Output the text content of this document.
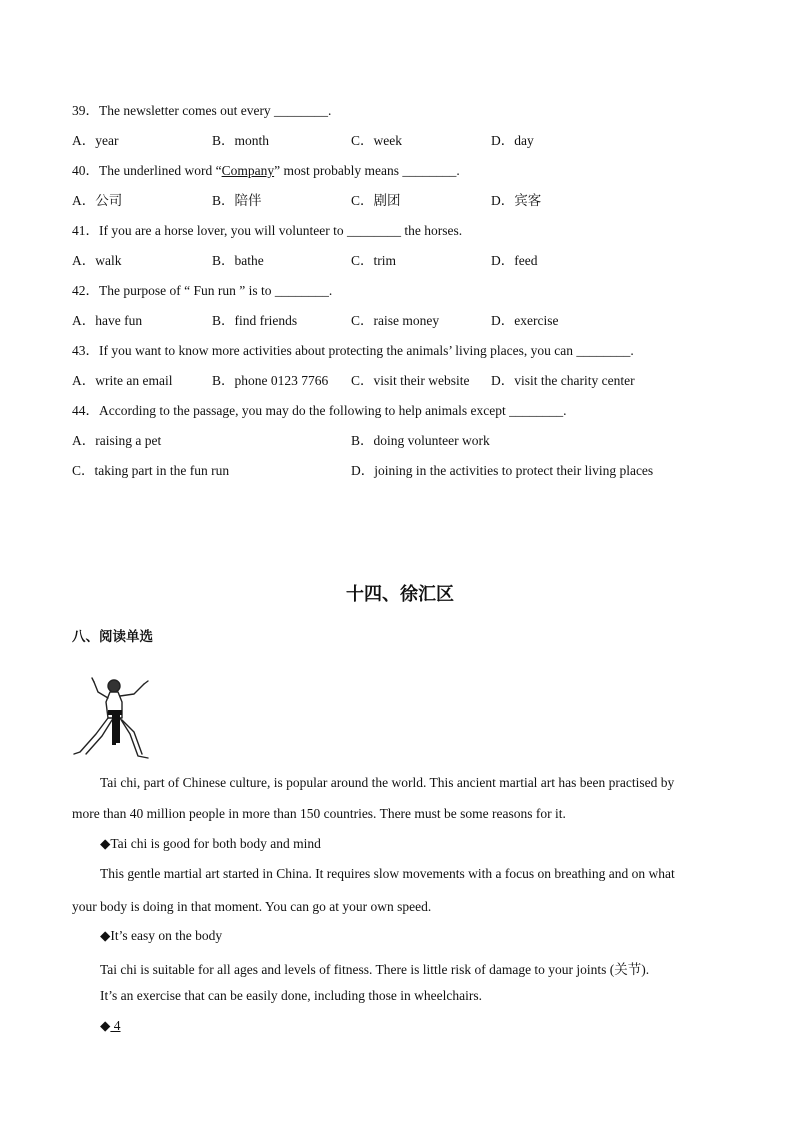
39．The newsletter comes out every ________.
A．year	B．month	C．week	D．day
40．The underlined word “Company” most probably means ________.
A．公司	B．陪伴	C．剧团	D．宾客
41．If you are a horse lover, you will volunteer to ________ the horses.
A．walk	B．bathe	C．trim	D．feed
42．The purpose of “ Fun run ” is to ________.
A．have fun	B．find friends	C．raise money	D．exercise
43．If you want to know more activities about protecting the animals’ living places, you can ________.
A．write an email	B．phone 0123 7766 C．visit their website D．visit the charity center
44．According to the passage, you may do the following to help animals except ________.
A．raising a pet	B．doing volunteer work
C．taking part in the fun run	D．joining in the activities to protect their living places
十四、徐汇区
八、阅读单选
Tai chi, part of Chinese culture, is popular around the world. This ancient martial art has been practised by
more than 40 million people in more than 150 countries. There must be some reasons for it.
◆Tai chi is good for both body and mind
This gentle martial art started in China. It requires slow movements with a focus on breathing and on what
your body is doing in that moment. You can go at your own speed.
◆It’s easy on the body
Tai chi is suitable for all ages and levels of fitness. There is little risk of damage to your joints (关节).
It’s an exercise that can be easily done, including those in wheelchairs.
◆ 4
